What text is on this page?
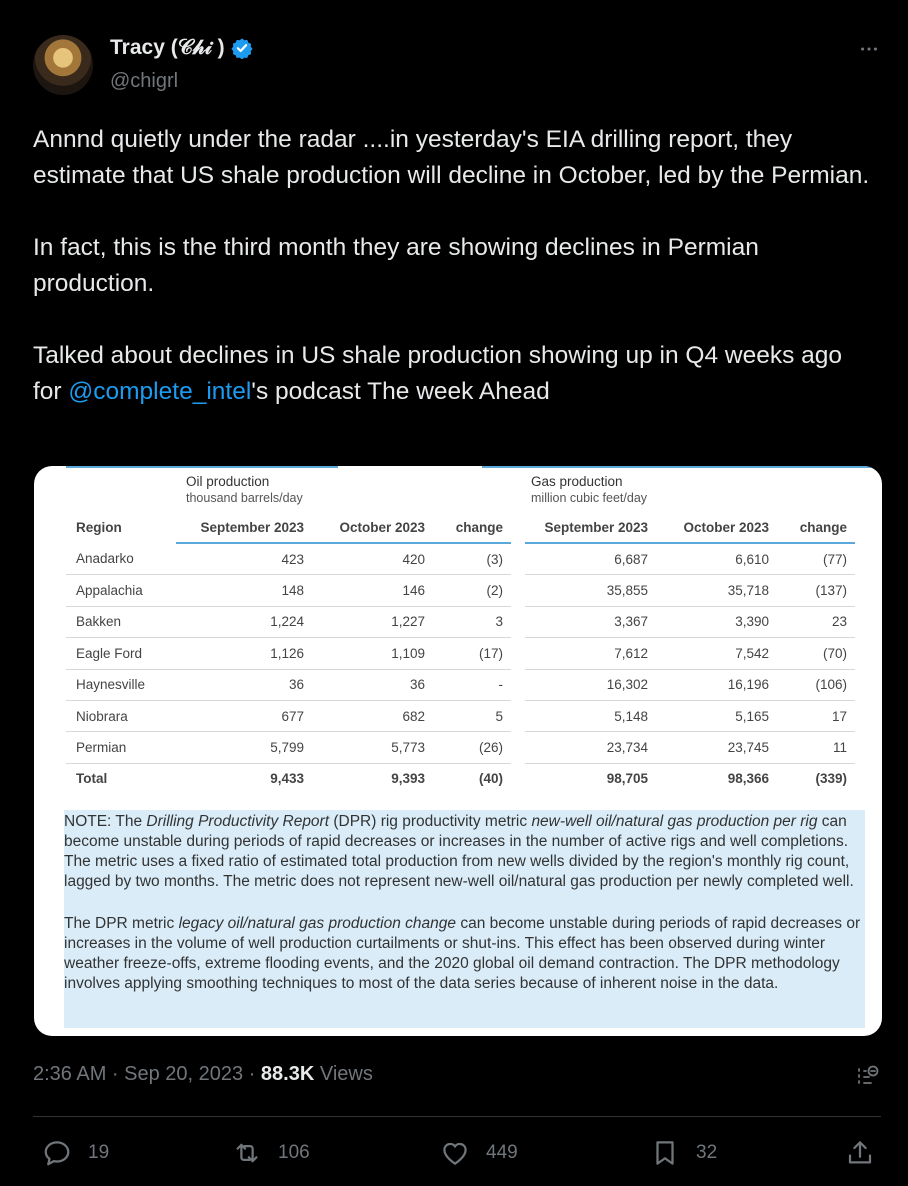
Tracy (𝒞𝒽𝒾 )
@chigrl
Annnd quietly under the radar ....in yesterday's EIA drilling report, they estimate that US shale production will decline in October, led by the Permian.

In fact, this is the third month they are showing declines in Permian production.

Talked about declines in US shale production showing up in Q4 weeks ago for @complete_intel's podcast The week Ahead
Oil production
thousand barrels/day
Gas production
million cubic feet/day
Region	September 2023	October 2023	change		September 2023	October 2023	change
Anadarko	423	420	(3)		6,687	6,610	(77)
Appalachia	148	146	(2)		35,855	35,718	(137)
Bakken	1,224	1,227	3		3,367	3,390	23
Eagle Ford	1,126	1,109	(17)		7,612	7,542	(70)
Haynesville	36	36	-		16,302	16,196	(106)
Niobrara	677	682	5		5,148	5,165	17
Permian	5,799	5,773	(26)		23,734	23,745	11
Total	9,433	9,393	(40)		98,705	98,366	(339)

NOTE: The Drilling Productivity Report (DPR) rig productivity metric new-well oil/natural gas production per rig can become unstable during periods of rapid decreases or increases in the number of active rigs and well completions. The metric uses a fixed ratio of estimated total production from new wells divided by the region's monthly rig count, lagged by two months. The metric does not represent new-well oil/natural gas production per newly completed well.

The DPR metric legacy oil/natural gas production change can become unstable during periods of rapid decreases or increases in the volume of well production curtailments or shut-ins. This effect has been observed during winter weather freeze-offs, extreme flooding events, and the 2020 global oil demand contraction. The DPR methodology involves applying smoothing techniques to most of the data series because of inherent noise in the data.

2:36 AM · Sep 20, 2023 · 88.3K Views
19	106	449	32
